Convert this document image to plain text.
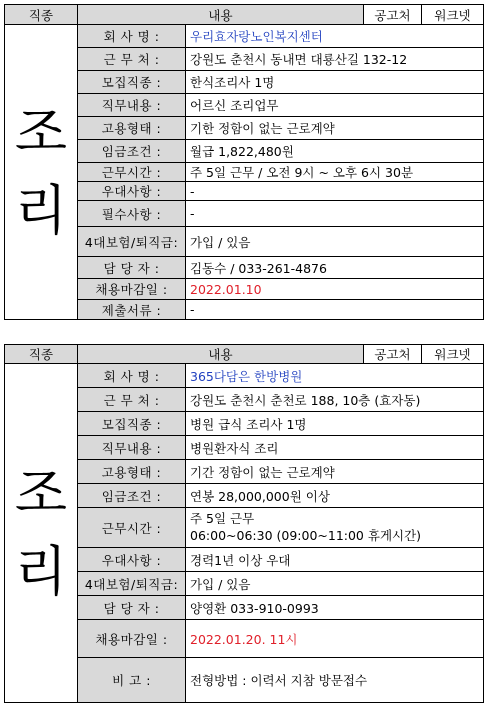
직종	내용		공고처	워크넷

조
리	회 사 명 :	우리효자랑노인복지센터		
	근 무 처 :	강원도 춘천시 동내면 대룡산길 132-12		
	모집직종 :	한식조리사 1명		
	직무내용 :	어르신 조리업무		
	고용형태 :	기한 정함이 없는 근로계약		
	임금조건 :	월급 1,822,480원		
	근무시간 :	주 5일 근무 / 오전 9시 ~ 오후 6시 30분		
	우대사항 :	-		
	필수사항 :	-		
	4대보험/퇴직금:	가입 / 있음		
	담 당 자 :	김동수 / 033-261-4876		
	채용마감일 :	2022.01.10		
	제출서류 :	-		
직종	내용		공고처	워크넷

조
리	회 사 명 :	365다담은 한방병원		
	근 무 처 :	강원도 춘천시 춘천로 188, 10층 (효자동)		
	모집직종 :	병원 급식 조리사 1명		
	직무내용 :	병원환자식 조리		
	고용형태 :	기간 정함이 없는 근로계약		
	임금조건 :	연봉 28,000,000원 이상		
	근무시간 :	주 5일 근무
06:00~06:30 (09:00~11:00 휴게시간)		

	우대사항 :	경력1년 이상 우대		
	4대보험/퇴직금:	가입 / 있음		
	담 당 자 :	양영환 033-910-0993		
	채용마감일 :	2022.01.20. 11시		
	비 고 :	전형방법 : 이력서 지참 방문접수		
